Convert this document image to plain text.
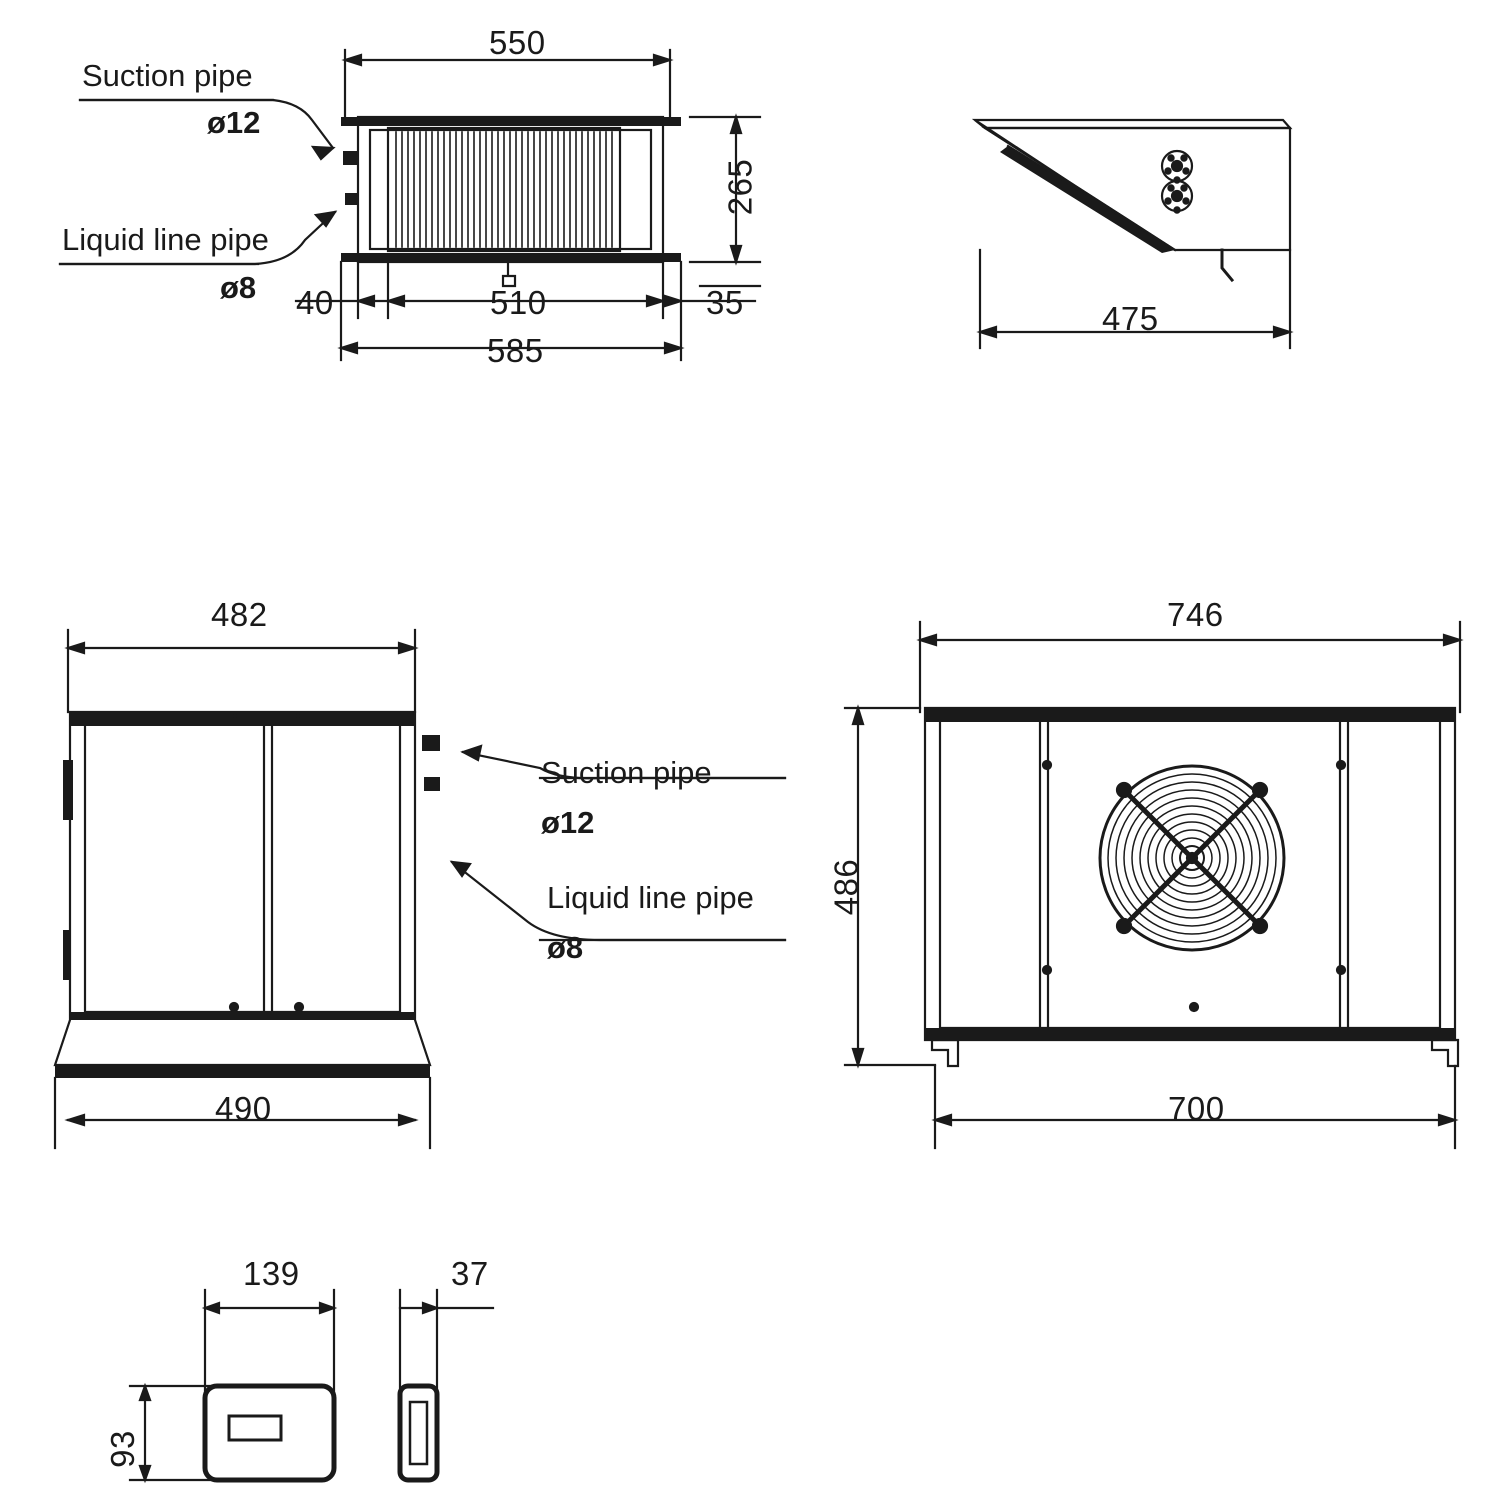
550
265
40	510	35
585
Suction pipe
ø12
Liquid line pipe
ø8
475
482
490
Suction pipe
ø12
Liquid line pipe
ø8
746
486
700
139	37
93
